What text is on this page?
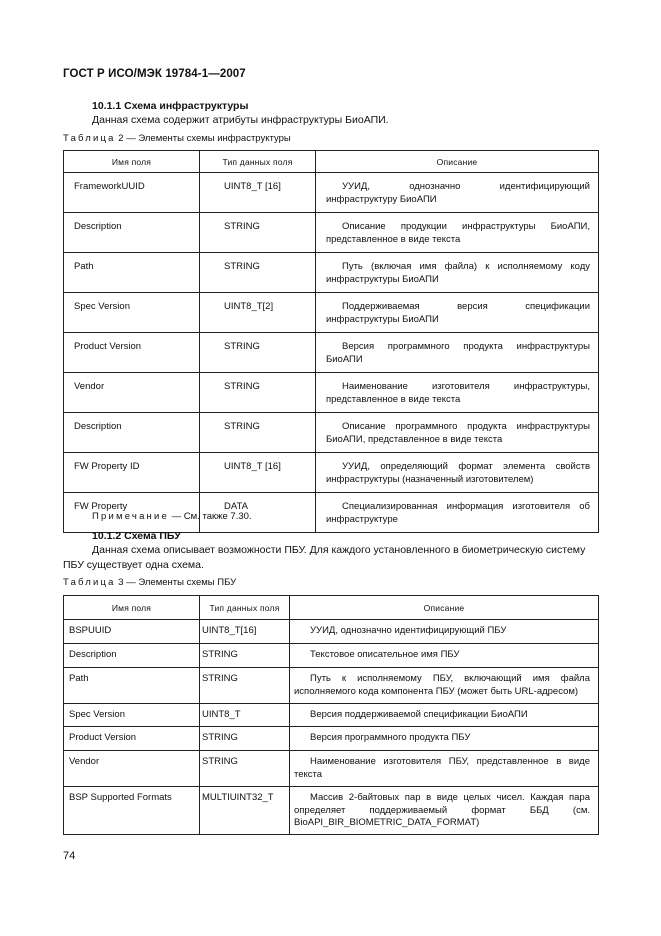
ГОСТ Р ИСО/МЭК 19784-1—2007
10.1.1 Схема инфраструктуры
Данная схема содержит атрибуты инфраструктуры БиоАПИ.
Таблица 2 — Элементы схемы инфраструктуры
Имя поля	Тип данных поля	Описание
FrameworkUUID	UINT8_T [16]	УУИД, однозначно идентифицирующий инфраструктуру БиоАПИ
Description	STRING	Описание продукции инфраструктуры БиоАПИ, представленное в виде текста
Path	STRING	Путь (включая имя файла) к исполняемому коду инфраструктуры БиоАПИ
Spec Version	UINT8_T[2]	Поддерживаемая версия спецификации инфраструктуры БиоАПИ
Product Version	STRING	Версия программного продукта инфраструктуры БиоАПИ
Vendor	STRING	Наименование изготовителя инфраструктуры, представленное в виде текста
Description	STRING	Описание программного продукта инфраструктуры БиоАПИ, представленное в виде текста
FW Property ID	UINT8_T [16]	УУИД, определяющий формат элемента свойств инфраструктуры (назначенный изготовителем)
FW Property	DATA	Специализированная информация изготовителя об инфраструктуре
Примечание — См. также 7.30.
10.1.2 Схема ПБУ
Данная схема описывает возможности ПБУ. Для каждого установленного в биометрическую систему ПБУ существует одна схема.
Таблица 3 — Элементы схемы ПБУ
Имя поля	Тип данных поля	Описание
BSPUUID	UINT8_T[16]	УУИД, однозначно идентифицирующий ПБУ
Description	STRING	Текстовое описательное имя ПБУ
Path	STRING	Путь к исполняемому ПБУ, включающий имя файла исполняемого кода компонента ПБУ (может быть URL-адресом)
Spec Version	UINT8_T	Версия поддерживаемой спецификации БиоАПИ
Product Version	STRING	Версия программного продукта ПБУ
Vendor	STRING	Наименование изготовителя ПБУ, представленное в виде текста
BSP Supported Formats	MULTIUINT32_T	Массив 2-байтовых пар в виде целых чисел. Каждая пара определяет поддерживаемый формат ББД (см. BioAPI_BIR_BIOMETRIC_DATA_FORMAT)
74
